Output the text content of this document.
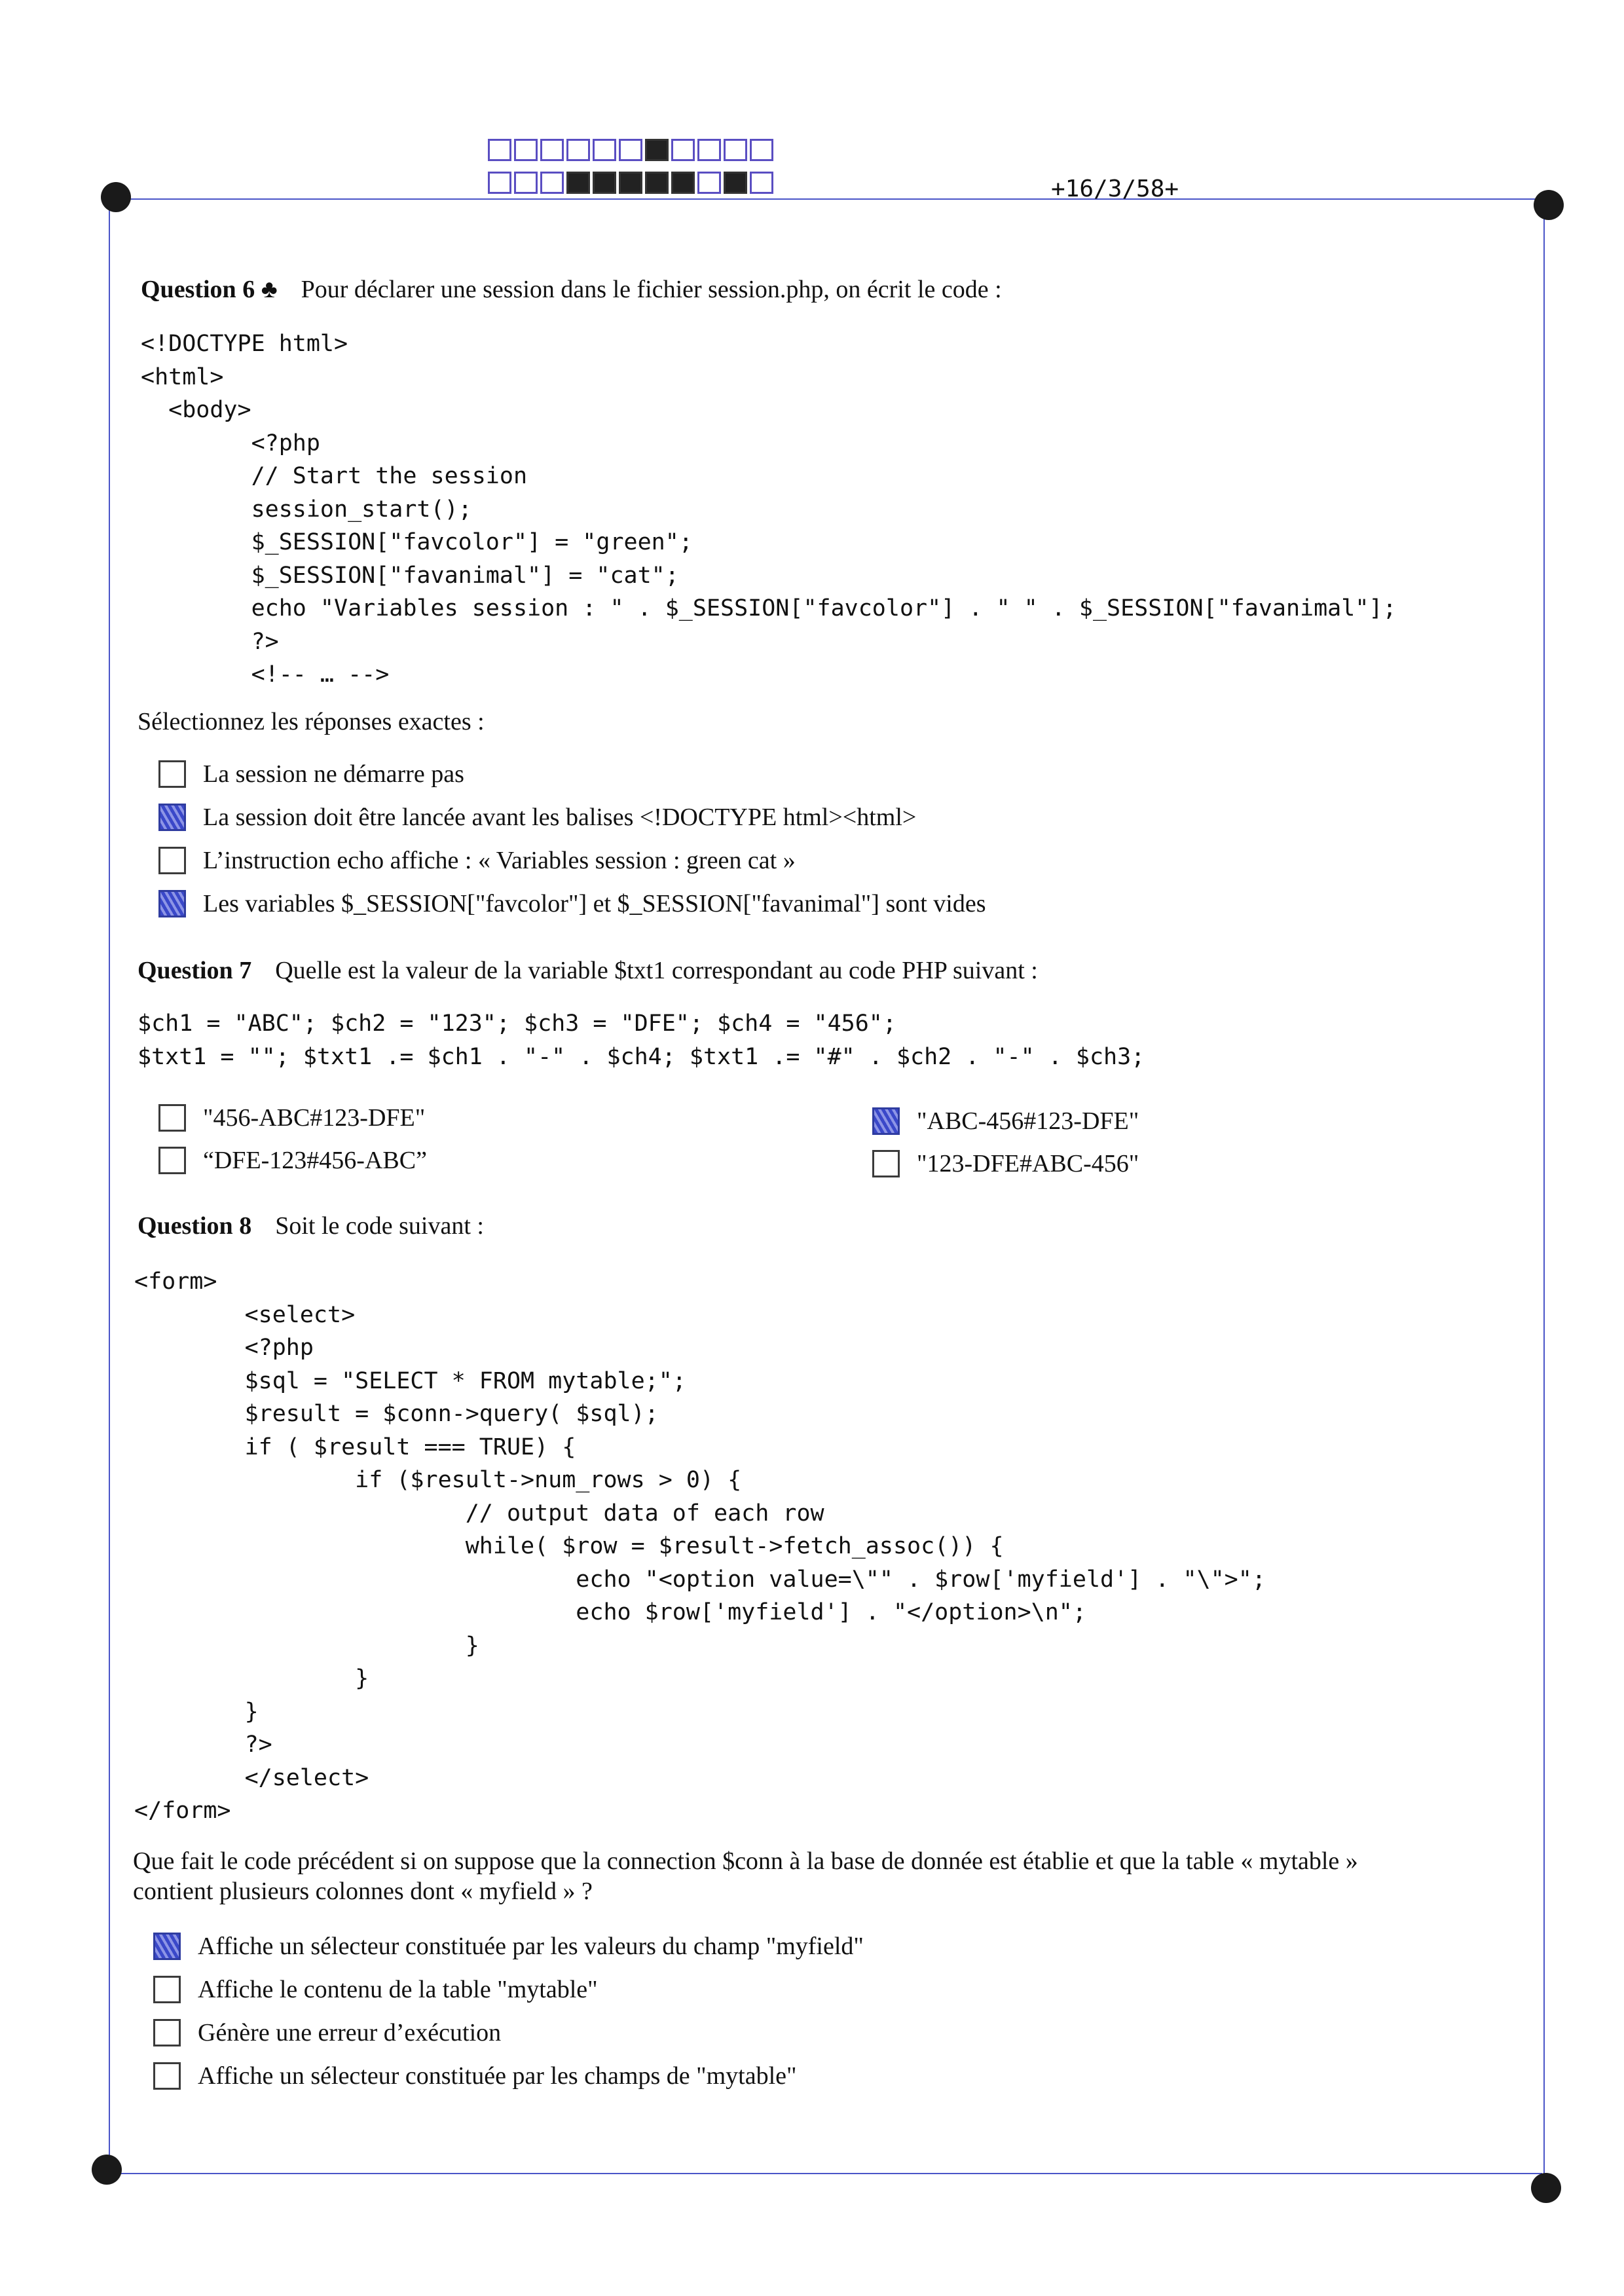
+16/3/58+
Question 6 ♣ Pour déclarer une session dans le fichier session.php, on écrit le code :
<!DOCTYPE html>
<html>
<body>
<?php
// Start the session
session_start();
$_SESSION["favcolor"] = "green";
$_SESSION["favanimal"] = "cat";
echo "Variables session : " . $_SESSION["favcolor"] . " " . $_SESSION["favanimal"];
?>
<!-- … -->
Sélectionnez les réponses exactes :
La session ne démarre pas
La session doit être lancée avant les balises <!DOCTYPE html><html>
L’instruction echo affiche : « Variables session : green cat »
Les variables $_SESSION["favcolor"] et $_SESSION["favanimal"] sont vides
Question 7 Quelle est la valeur de la variable $txt1 correspondant au code PHP suivant :
$ch1 = "ABC"; $ch2 = "123"; $ch3 = "DFE"; $ch4 = "456";
$txt1 = ""; $txt1 .= $ch1 . "-" . $ch4; $txt1 .= "#" . $ch2 . "-" . $ch3;
"456-ABC#123-DFE"	"ABC-456#123-DFE"
“DFE-123#456-ABC”	"123-DFE#ABC-456"
Question 8 Soit le code suivant :
<form>
<select>
<?php
$sql = "SELECT * FROM mytable;";
$result = $conn->query( $sql);
if ( $result === TRUE) {
if ($result->num_rows > 0) {
// output data of each row
while( $row = $result->fetch_assoc()) {
echo "<option value=\"" . $row['myfield'] . "\">";
echo $row['myfield'] . "</option>\n";
}
}
}
?>
</select>
</form>
Que fait le code précédent si on suppose que la connection $conn à la base de donnée est établie et que la table « mytable »
contient plusieurs colonnes dont « myfield » ?
Affiche un sélecteur constituée par les valeurs du champ "myfield"
Affiche le contenu de la table "mytable"
Génère une erreur d’exécution
Affiche un sélecteur constituée par les champs de "mytable"
